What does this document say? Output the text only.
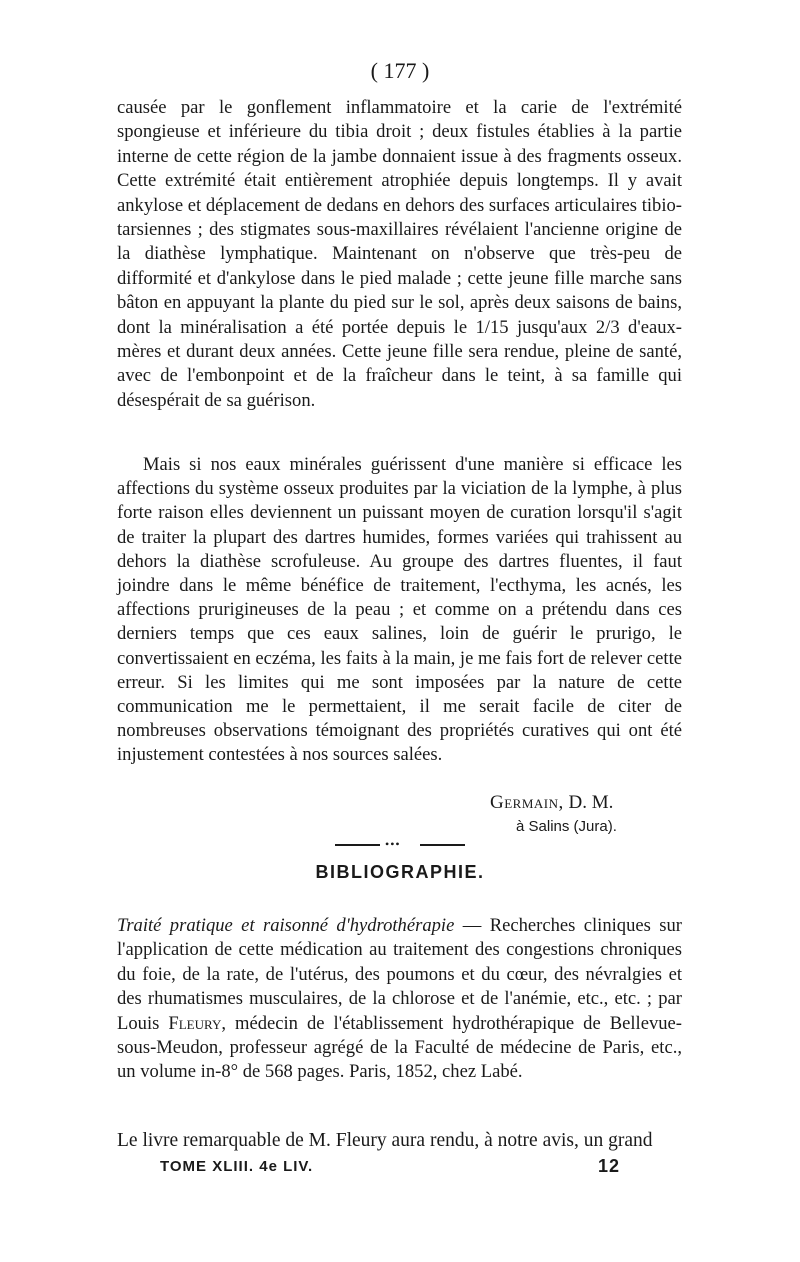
( 177 )

causée par le gonflement inflammatoire et la carie de l'extrémité spongieuse et inférieure du tibia droit ; deux fistules établies à la partie interne de cette région de la jambe donnaient issue à des fragments osseux. Cette extrémité était entièrement atrophiée depuis longtemps. Il y avait ankylose et déplacement de dedans en dehors des surfaces articulaires tibio-tarsiennes ; des stigmates sous-maxillaires révélaient l'ancienne origine de la diathèse lymphatique. Maintenant on n'observe que très-peu de difformité et d'ankylose dans le pied malade ; cette jeune fille marche sans bâton en appuyant la plante du pied sur le sol, après deux saisons de bains, dont la minéralisation a été portée depuis le 1/15 jusqu'aux 2/3 d'eaux-mères et durant deux années. Cette jeune fille sera rendue, pleine de santé, avec de l'embonpoint et de la fraîcheur dans le teint, à sa famille qui désespérait de sa guérison.

Mais si nos eaux minérales guérissent d'une manière si efficace les affections du système osseux produites par la viciation de la lymphe, à plus forte raison elles deviennent un puissant moyen de curation lorsqu'il s'agit de traiter la plupart des dartres humides, formes variées qui trahissent au dehors la diathèse scrofuleuse. Au groupe des dartres fluentes, il faut joindre dans le même bénéfice de traitement, l'ecthyma, les acnés, les affections prurigineuses de la peau ; et comme on a prétendu dans ces derniers temps que ces eaux salines, loin de guérir le prurigo, le convertissaient en eczéma, les faits à la main, je me fais fort de relever cette erreur. Si les limites qui me sont imposées par la nature de cette communication me le permettaient, il me serait facile de citer de nombreuses observations témoignant des propriétés curatives qui ont été injustement contestées à nos sources salées.

Germain, D. M.
à Salins (Jura).
•••
BIBLIOGRAPHIE.

Traité pratique et raisonné d'hydrothérapie — Recherches cliniques sur l'application de cette médication au traitement des congestions chroniques du foie, de la rate, de l'utérus, des poumons et du cœur, des névralgies et des rhumatismes musculaires, de la chlorose et de l'anémie, etc., etc. ; par Louis Fleury, médecin de l'établissement hydrothérapique de Bellevue-sous-Meudon, professeur agrégé de la Faculté de médecine de Paris, etc., un volume in-8° de 568 pages. Paris, 1852, chez Labé.

Le livre remarquable de M. Fleury aura rendu, à notre avis, un grand

TOME XLIII. 4e LIV.	12
